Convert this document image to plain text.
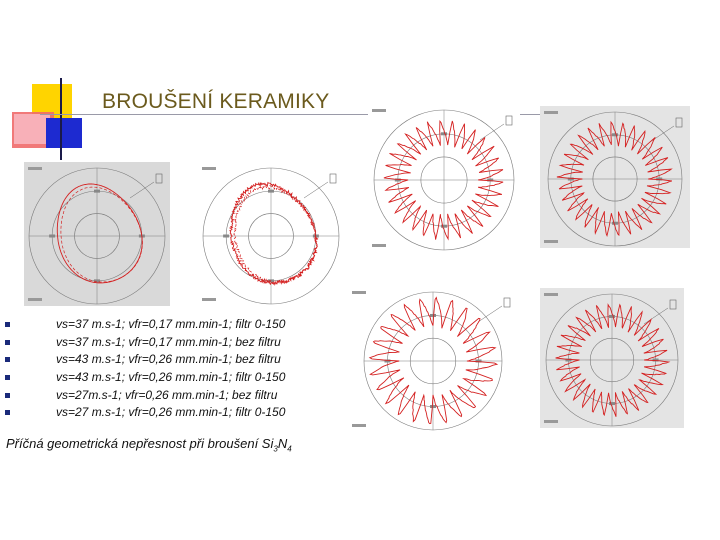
BROUŠENÍ KERAMIKY
vs=37 m.s-1; vfr=0,17 mm.min-1; filtr 0-150
vs=37 m.s-1; vfr=0,17 mm.min-1; bez filtru
vs=43 m.s-1; vfr=0,26 mm.min-1; bez filtru
vs=43 m.s-1; vfr=0,26 mm.min-1; filtr 0-150
vs=27m.s-1; vfr=0,26 mm.min-1; bez filtru
vs=27 m.s-1; vfr=0,26 mm.min-1; filtr 0-150
Příčná geometrická nepřesnost při broušení $Si_3N_4$
